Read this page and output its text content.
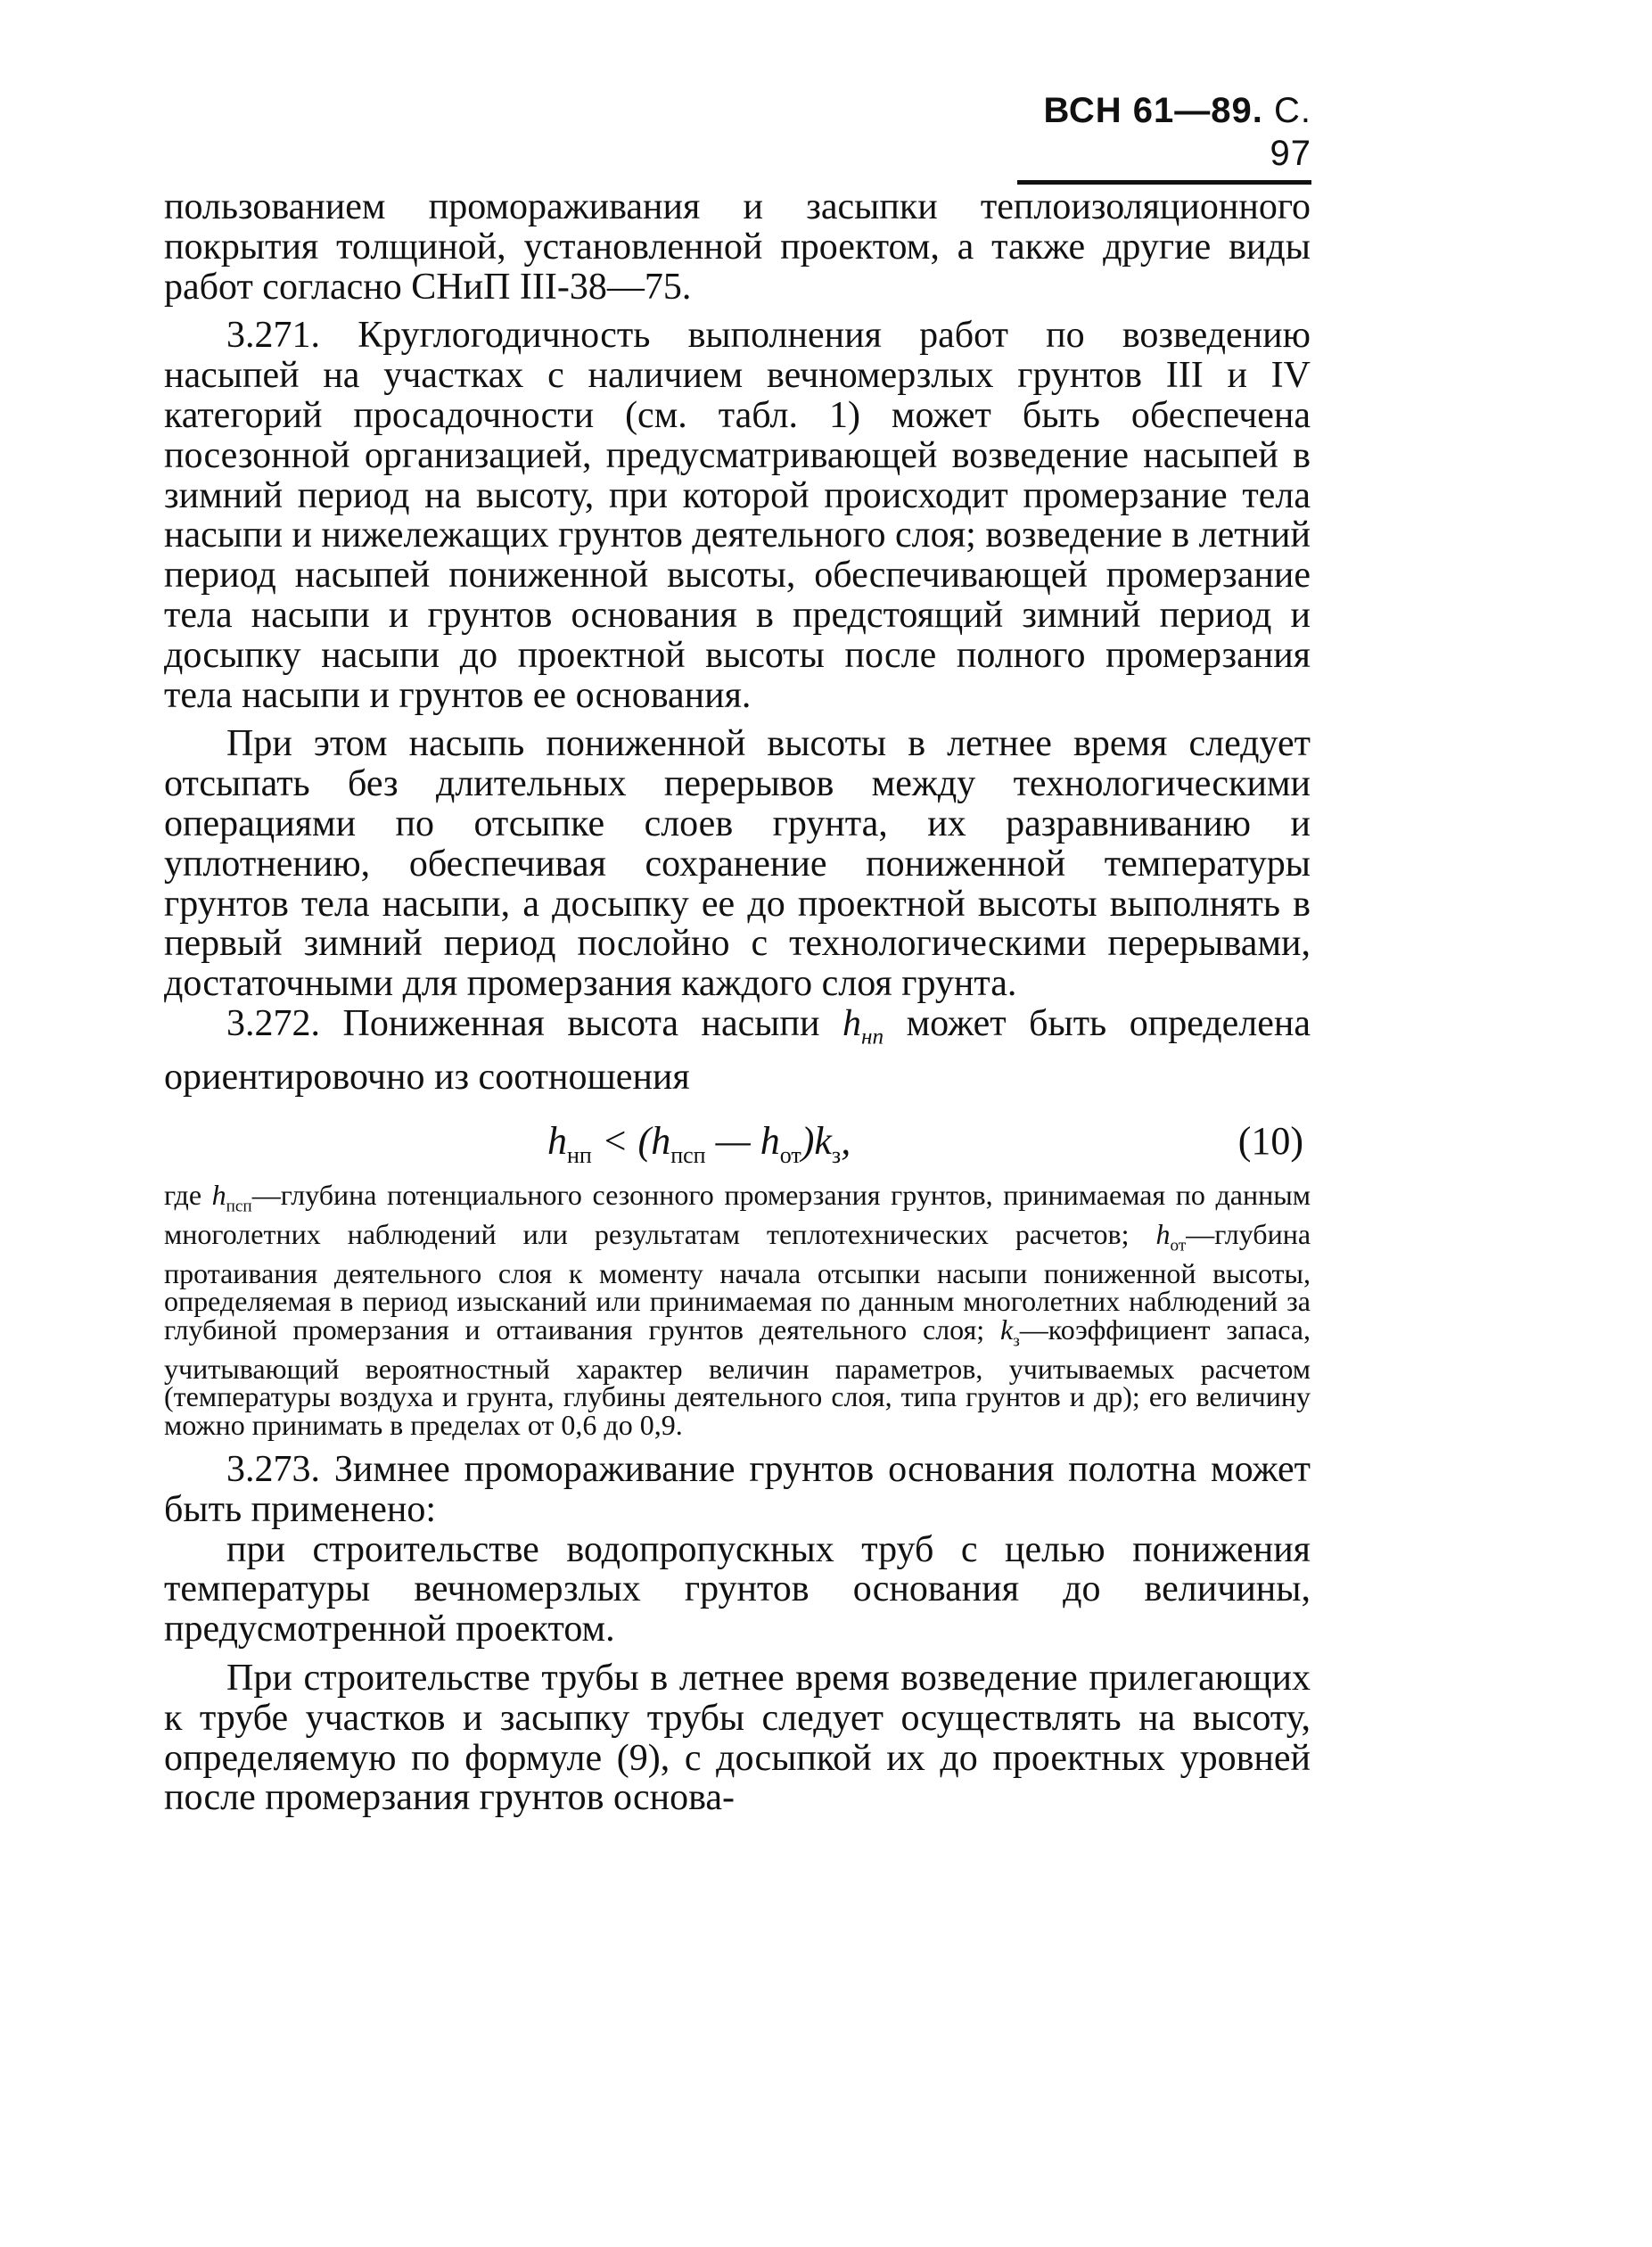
ВСН 61—89. С. 97

пользованием промораживания и засыпки теплоизоляционного покрытия толщиной, установленной проектом, а также другие виды работ согласно СНиП III-38—75.

3.271. Круглогодичность выполнения работ по возведению насыпей на участках с наличием вечномерзлых грунтов III и IV категорий просадочности (см. табл. 1) может быть обеспечена посезонной организацией, предусматривающей возведение насыпей в зимний период на высоту, при которой происходит промерзание тела насыпи и нижележащих грунтов деятельного слоя; возведение в летний период насыпей пониженной высоты, обеспечивающей промерзание тела насыпи и грунтов основания в предстоящий зимний период и досыпку насыпи до проектной высоты после полного промерзания тела насыпи и грунтов ее основания.

При этом насыпь пониженной высоты в летнее время следует отсыпать без длительных перерывов между технологическими операциями по отсыпке слоев грунта, их разравниванию и уплотнению, обеспечивая сохранение пониженной температуры грунтов тела насыпи, а досыпку ее до проектной высоты выполнять в первый зимний период послойно с технологическими перерывами, достаточными для промерзания каждого слоя грунта.

3.272. Пониженная высота насыпи $h_{нп}$ может быть определена ориентировочно из соотношения

$h_{нп} < (h_{псп}$ — $h_{от})k_з$,	(10)

где $h_{псп}—глубина$ потенциального сезонного промерзания грунтов, принимаемая по данным многолетних наблюдений или результатам теплотехнических расчетов; $h_{от}—глубина$ протаивания деятельного слоя к моменту начала отсыпки насыпи пониженной высоты, определяемая в период изысканий или принимаемая по данным многолетних наблюдений за глубиной промерзания и оттаивания грунтов деятельного слоя; $k_з—коэффициент$ запаса, учитывающий вероятностный характер величин параметров, учитываемых расчетом (температуры воздуха и грунта, глубины деятельного слоя, типа грунтов и др); его величину можно принимать в пределах от 0,6 до 0,9.

3.273. Зимнее промораживание грунтов основания полотна может быть применено:

при строительстве водопропускных труб с целью понижения температуры вечномерзлых грунтов основания до величины, предусмотренной проектом.

При строительстве трубы в летнее время возведение прилегающих к трубе участков и засыпку трубы следует осуществлять на высоту, определяемую по формуле (9), с досыпкой их до проектных уровней после промерзания грунтов основа-
